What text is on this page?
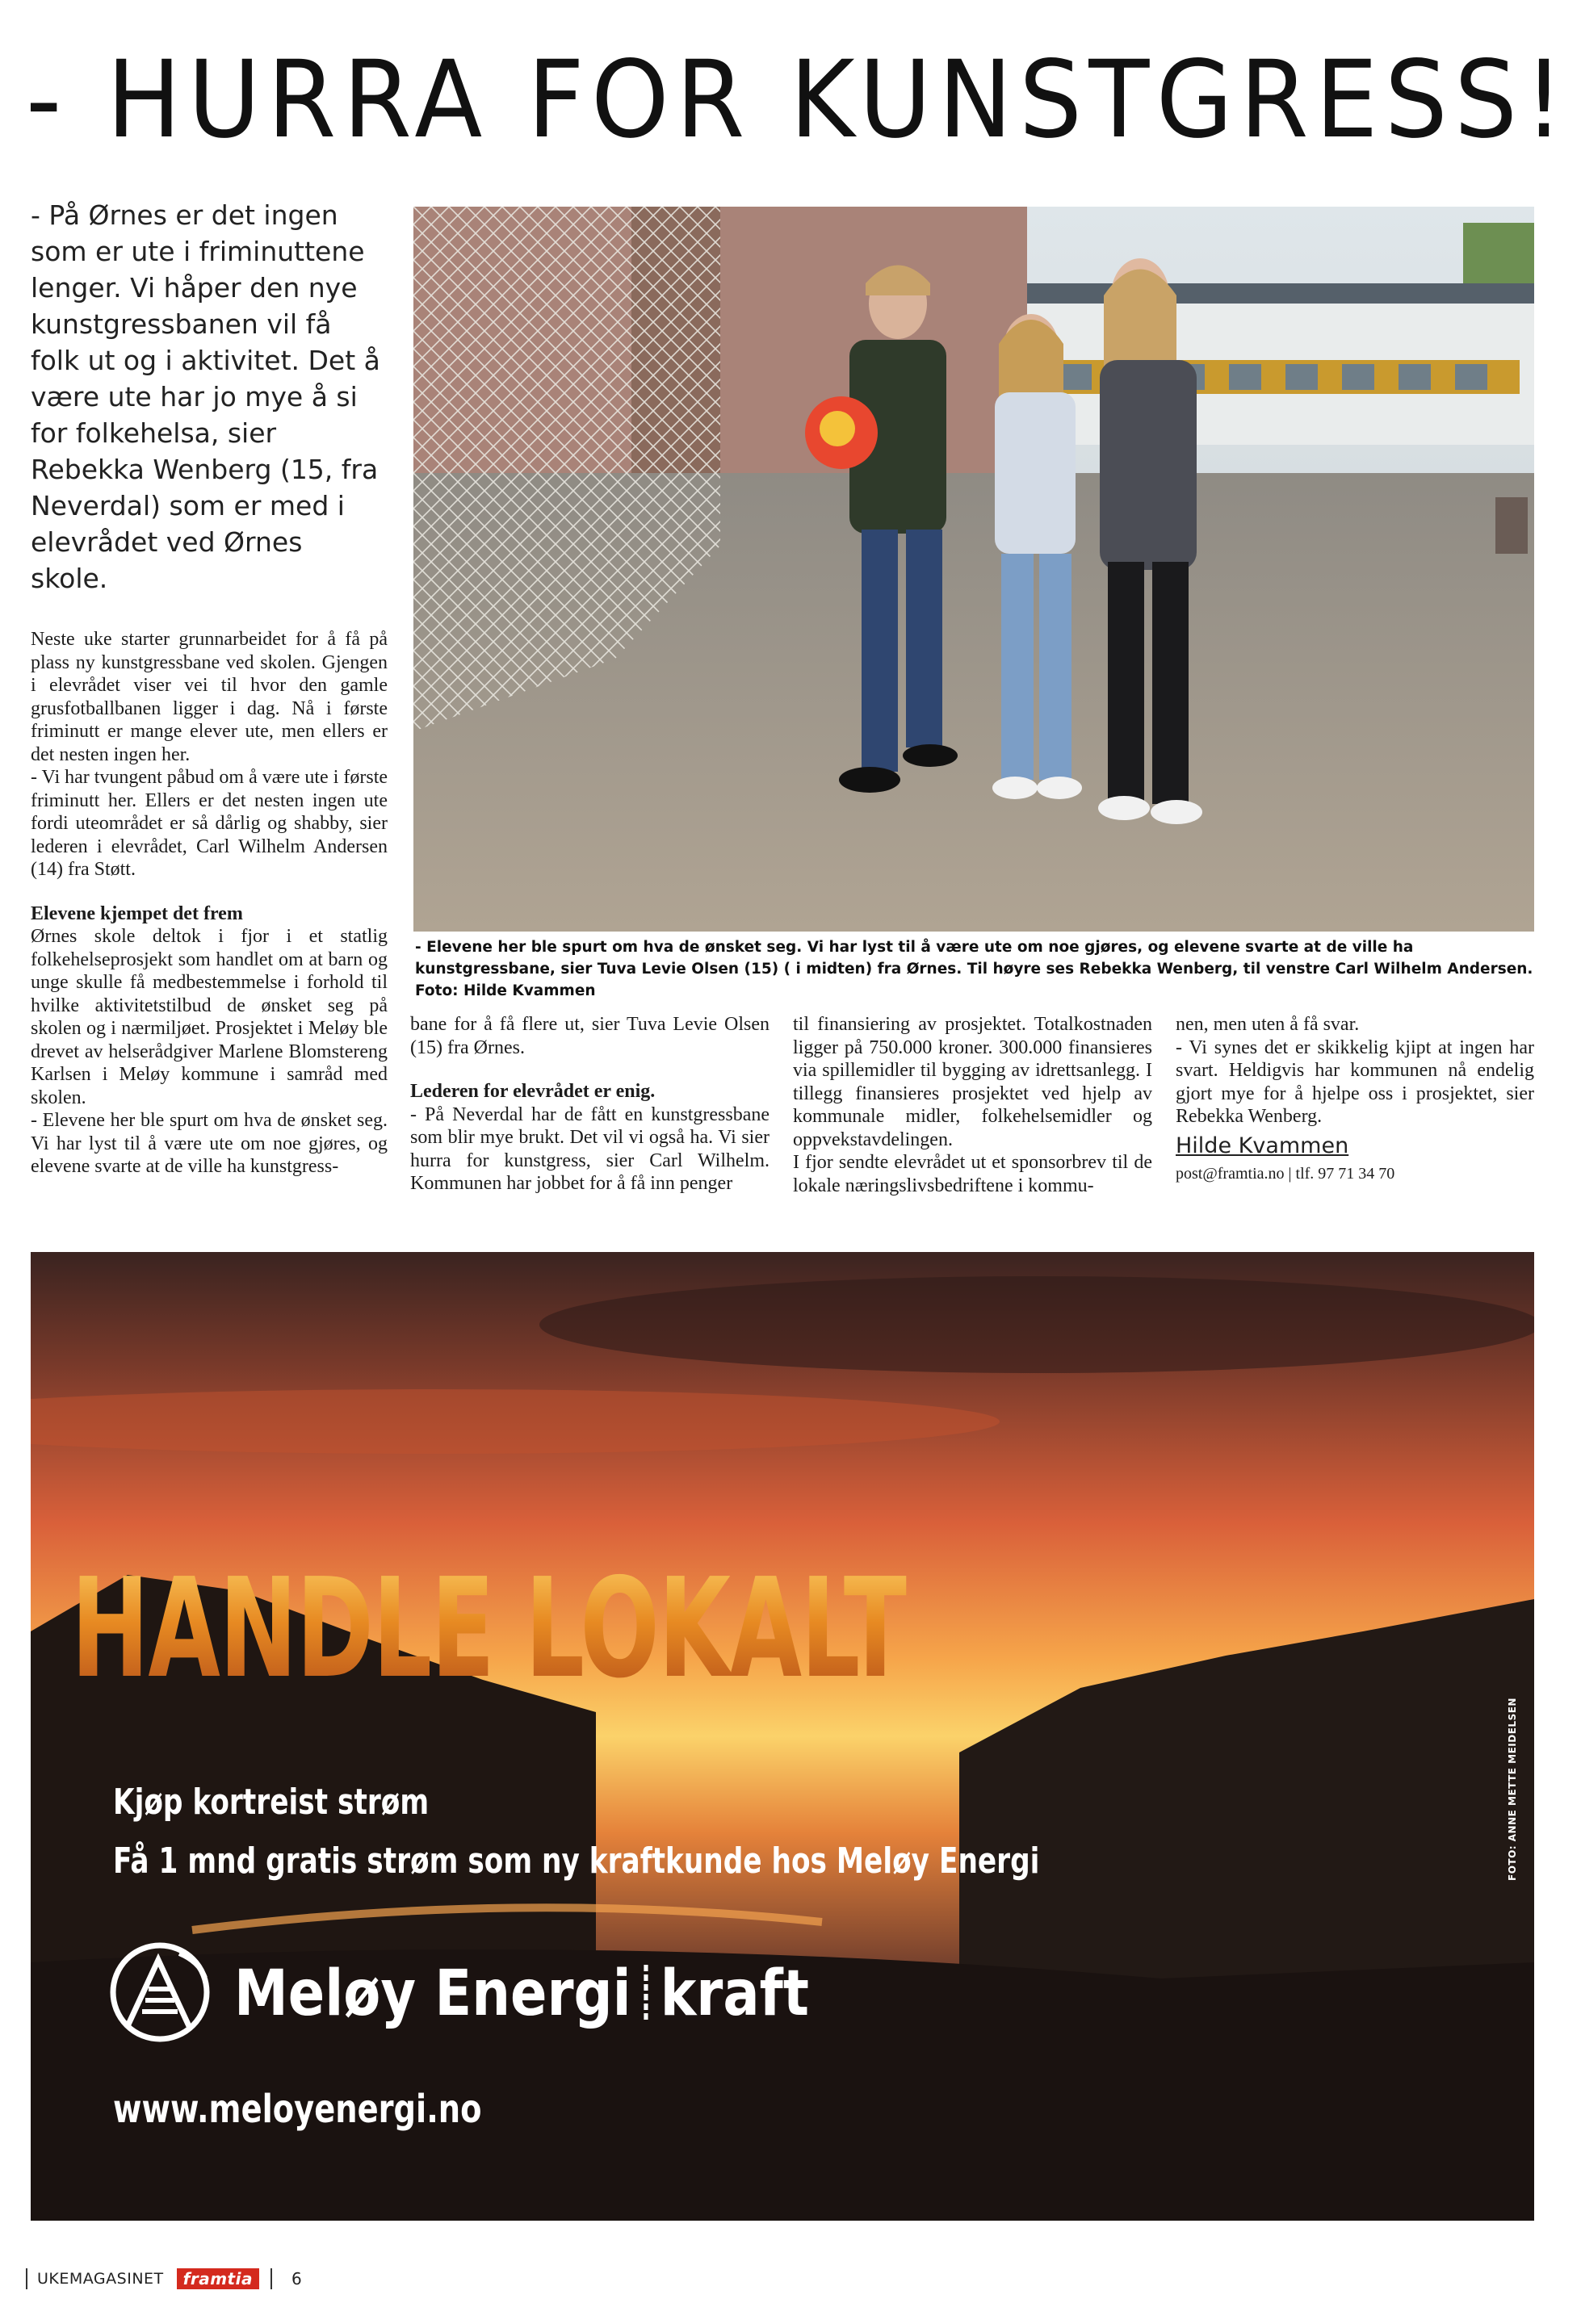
- HURRA FOR KUNSTGRESS!
- På Ørnes er det ingen som er ute i friminuttene lenger. Vi håper den nye kunstgressbanen vil få folk ut og i aktivitet. Det å være ute har jo mye å si for folkehelsa, sier Rebekka Wenberg (15, fra Neverdal) som er med i elevrådet ved Ørnes skole.

Neste uke starter grunnarbeidet for å få på plass ny kunstgressbane ved skolen. Gjengen i elevrådet viser vei til hvor den gamle grusfotballbanen ligger i dag. Nå i første friminutt er mange elever ute, men ellers er det nesten ingen her.

- Vi har tvungent påbud om å være ute i første friminutt her. Ellers er det nesten ingen ute fordi uteområdet er så dårlig og shabby, sier lederen i elevrådet, Carl Wilhelm Andersen (14) fra Støtt.

Elevene kjempet det frem

Ørnes skole deltok i fjor i et statlig folkehelseprosjekt som handlet om at barn og unge skulle få medbestemmelse i forhold til hvilke aktivitetstilbud de ønsket seg på skolen og i nærmiljøet. Prosjektet i Meløy ble drevet av helserådgiver Marlene Blomstereng Karlsen i Meløy kommune i samråd med skolen.

- Elevene her ble spurt om hva de ønsket seg. Vi har lyst til å være ute om noe gjøres, og elevene svarte at de ville ha kunstgress-

bane for å få flere ut, sier Tuva Levie Olsen (15) fra Ørnes.

Lederen for elevrådet er enig.

- På Neverdal har de fått en kunstgressbane som blir mye brukt. Det vil vi også ha. Vi sier hurra for kunstgress, sier Carl Wilhelm. Kommunen har jobbet for å få inn penger

til finansiering av prosjektet. Totalkostnaden ligger på 750.000 kroner. 300.000 finansieres via spillemidler til bygging av idrettsanlegg. I tillegg finansieres prosjektet ved hjelp av kommunale midler, folkehelsemidler og oppvekstavdelingen.

I fjor sendte elevrådet ut et sponsorbrev til de lokale næringslivsbedriftene i kommu-

nen, men uten å få svar.

- Vi synes det er skikkelig kjipt at ingen har svart. Heldigvis har kommunen nå endelig gjort mye for å hjelpe oss i prosjektet, sier Rebekka Wenberg.

Hilde Kvammen
post@framtia.no | tlf. 97 71 34 70
- Elevene her ble spurt om hva de ønsket seg. Vi har lyst til å være ute om noe gjøres, og elevene svarte at de ville ha kunstgressbane, sier Tuva Levie Olsen (15) ( i midten) fra Ørnes. Til høyre ses Rebekka Wenberg, til venstre Carl Wilhelm Andersen. Foto: Hilde Kvammen
HANDLE LOKALT
Kjøp kortreist strøm
Få 1 mnd gratis strøm som ny kraftkunde hos Meløy Energi
Meløy Energi kraft
www.meloyenergi.no
FOTO: ANNE METTE MEIDELSEN
UKEMAGASINET	framtia	6
